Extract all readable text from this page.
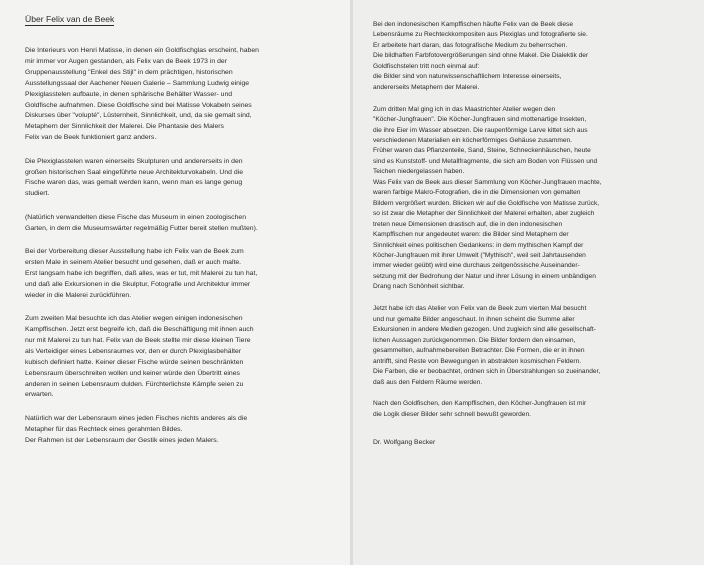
Über Felix van de Beek

Die Interieurs von Henri Matisse, in denen ein Goldfischglas erscheint, haben
mir immer vor Augen gestanden, als Felix van de Beek 1973 in der
Gruppenausstellung "Enkel des Stijl" in dem prächtigen, historischen
Ausstellungssaal der Aachener Neuen Galerie – Sammlung Ludwig einige
Plexiglasstelen aufbaute, in denen sphärische Behälter Wasser- und
Goldfische aufnahmen. Diese Goldfische sind bei Matisse Vokabeln seines
Diskurses über "volupté", Lüsternheit, Sinnlichkeit, und, da sie gemalt sind,
Metaphern der Sinnlichkeit der Malerei. Die Phantasie des Malers
Felix van de Beek funktioniert ganz anders.

Die Plexiglasstelen waren einerseits Skulpturen und andererseits in den
großen historischen Saal eingeführte neue Architekturvokabeln. Und die
Fische waren das, was gemalt werden kann, wenn man es lange genug
studiert.

(Natürlich verwandelten diese Fische das Museum in einen zoologischen
Garten, in dem die Museumswärter regelmäßig Futter bereit stellen mußten).

Bei der Vorbereitung dieser Ausstellung habe ich Felix van de Beek zum
ersten Male in seinem Atelier besucht und gesehen, daß er auch malte.
Erst langsam habe ich begriffen, daß alles, was er tut, mit Malerei zu tun hat,
und daß alle Exkursionen in die Skulptur, Fotografie und Architektur immer
wieder in die Malerei zurückführen.

Zum zweiten Mal besuchte ich das Atelier wegen einigen indonesischen
Kampffischen. Jetzt erst begreife ich, daß die Beschäftigung mit ihnen auch
nur mit Malerei zu tun hat. Felix van de Beek stellte mir diese kleinen Tiere
als Verteidiger eines Lebensraumes vor, den er durch Plexiglasbehälter
kubisch definiert hatte. Keiner dieser Fische würde seinen beschränkten
Lebensraum überschreiten wollen und keiner würde den Übertritt eines
anderen in seinen Lebensraum dulden. Fürchterlichste Kämpfe seien zu
erwarten.

Natürlich war der Lebensraum eines jeden Fisches nichts anderes als die
Metapher für das Rechteck eines gerahmten Bildes.
Der Rahmen ist der Lebensraum der Gestik eines jeden Malers.

Bei den indonesischen Kampffischen häufte Felix van de Beek diese
Lebensräume zu Rechteckkompositen aus Plexiglas und fotografierte sie.
Er arbeitete hart daran, das fotografische Medium zu beherrschen.
Die bildhaften Farbfotovergrößerungen sind ohne Makel. Die Dialektik der
Goldfischstelen tritt noch einmal auf:
die Bilder sind von naturwissenschaftlichem Interesse einerseits,
andererseits Metaphern der Malerei.

Zum dritten Mal ging ich in das Maastrichter Atelier wegen den
"Köcher-Jungfrauen". Die Köcher-Jungfrauen sind mottenartige Insekten,
die ihre Eier im Wasser absetzen. Die raupenförmige Larve kittet sich aus
verschiedenen Materialien ein köcherförmiges Gehäuse zusammen.
Früher waren das Pflanzenteile, Sand, Steine, Schneckenhäuschen, heute
sind es Kunststoff- und Metallfragmente, die sich am Boden von Flüssen und
Teichen niedergelassen haben.
Was Felix van de Beek aus dieser Sammlung von Köcher-Jungfrauen machte,
waren farbige Makro-Fotografien, die in die Dimensionen von gemalten
Bildern vergrößert wurden. Blicken wir auf die Goldfische von Matisse zurück,
so ist zwar die Metapher der Sinnlichkeit der Malerei erhalten, aber zugleich
treten neue Dimensionen drastisch auf, die in den indonesischen
Kampffischen nur angedeutet waren: die Bilder sind Metaphern der
Sinnlichkeit eines politischen Gedankens: in dem mythischen Kampf der
Köcher-Jungfrauen mit ihrer Umwelt ("Mythisch", weil seit Jahrtausenden
immer wieder geübt) wird eine durchaus zeitgenössische Auseinander-
setzung mit der Bedrohung der Natur und ihrer Lösung in einem unbändigen
Drang nach Schönheit sichtbar.

Jetzt habe ich das Atelier von Felix van de Beek zum vierten Mal besucht
und nur gemalte Bilder angeschaut. In ihnen scheint die Summe aller
Exkursionen in andere Medien gezogen. Und zugleich sind alle gesellschaft-
lichen Aussagen zurückgenommen. Die Bilder fordern den einsamen,
gesammelten, aufnahmebereiten Betrachter. Die Formen, die er in ihnen
antrifft, sind Reste von Bewegungen in abstrakten kosmischen Feldern.
Die Farben, die er beobachtet, ordnen sich in Überstrahlungen so zueinander,
daß aus den Feldern Räume werden.

Nach den Goldfischen, den Kampffischen, den Köcher-Jungfrauen ist mir
die Logik dieser Bilder sehr schnell bewußt geworden.

Dr. Wolfgang Becker
